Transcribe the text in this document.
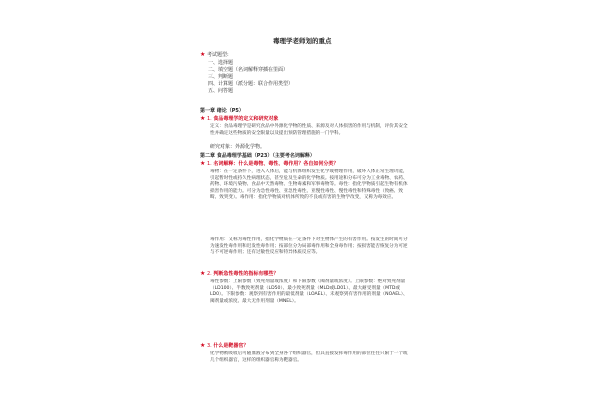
毒理学老师划的重点
★ 考试题型:
一、选择题
二、填空题（名词解释穿插在里面）
三、判断题
四、计算题（派分题：联合作用类型）
五、问答题
第一章 绪论（P5）
★ 1. 食品毒理学的定义和研究对象
定义：食品毒理学是研究食品中外源化学物的性质、来源及对人体损害的作用与机制，评价其安全性并确定这些物质的安全限量以及提出预防管理措施的一门学科。
研究对象：外源化学物。
第二章 食品毒理学基础（P23）（主要考名词解释）
★ 1. 名词解释：什么是毒物、毒性、毒作用？各自如何分类？
毒物：在一定条件下，进入人体后，能与机体组织发生化学或物理作用，破坏人体正常生理功能，引起暂时性或持久性病理状态，甚至危及生命的化学物质。按用途和分布可分为工业毒物、农药、药物、环境污染物、食品中天然毒物、生物毒素和军事毒物等。毒性：指化学物质引起生物有机体损害作用的能力。可分为急性毒性、亚急性毒性、亚慢性毒性、慢性毒性和特殊毒性（致癌、致畸、致突变）。毒作用：指化学物质对机体所致的不良或有害的生物学改变，又称为毒效应。
毒作用：又称为毒性作用，指化学物质在一定条件下对生物体产生的有害作用。按发生的时间可分为速发性毒作用和迟发性毒作用；按部位分为局部毒作用和全身毒作用；按损害能否恢复分为可逆与不可逆毒作用；还有过敏性反应和特异体质反应等。
★ 2. 判断急性毒性的指标有哪些？
毒性参数：上限参数（致死剂量或浓度）和下限参数（阈剂量或浓度）。上限参数：绝对致死剂量（LD100）、半数致死剂量（LD50）、最小致死剂量（MLD或LD01）、最大耐受剂量（MTD或LD0）。下限参数：观察到有害作用的最低剂量（LOAEL）、未观察到有害作用的剂量（NOAEL）、阈剂量或浓度、最大无作用剂量（MNEL）。
★ 3. 什么是靶器官？
化学物被吸收后可随血液分布到全身各个组织器官，但其直接发挥毒作用的部位往往只限于一个或几个组织器官，这样的组织器官称为靶器官。
